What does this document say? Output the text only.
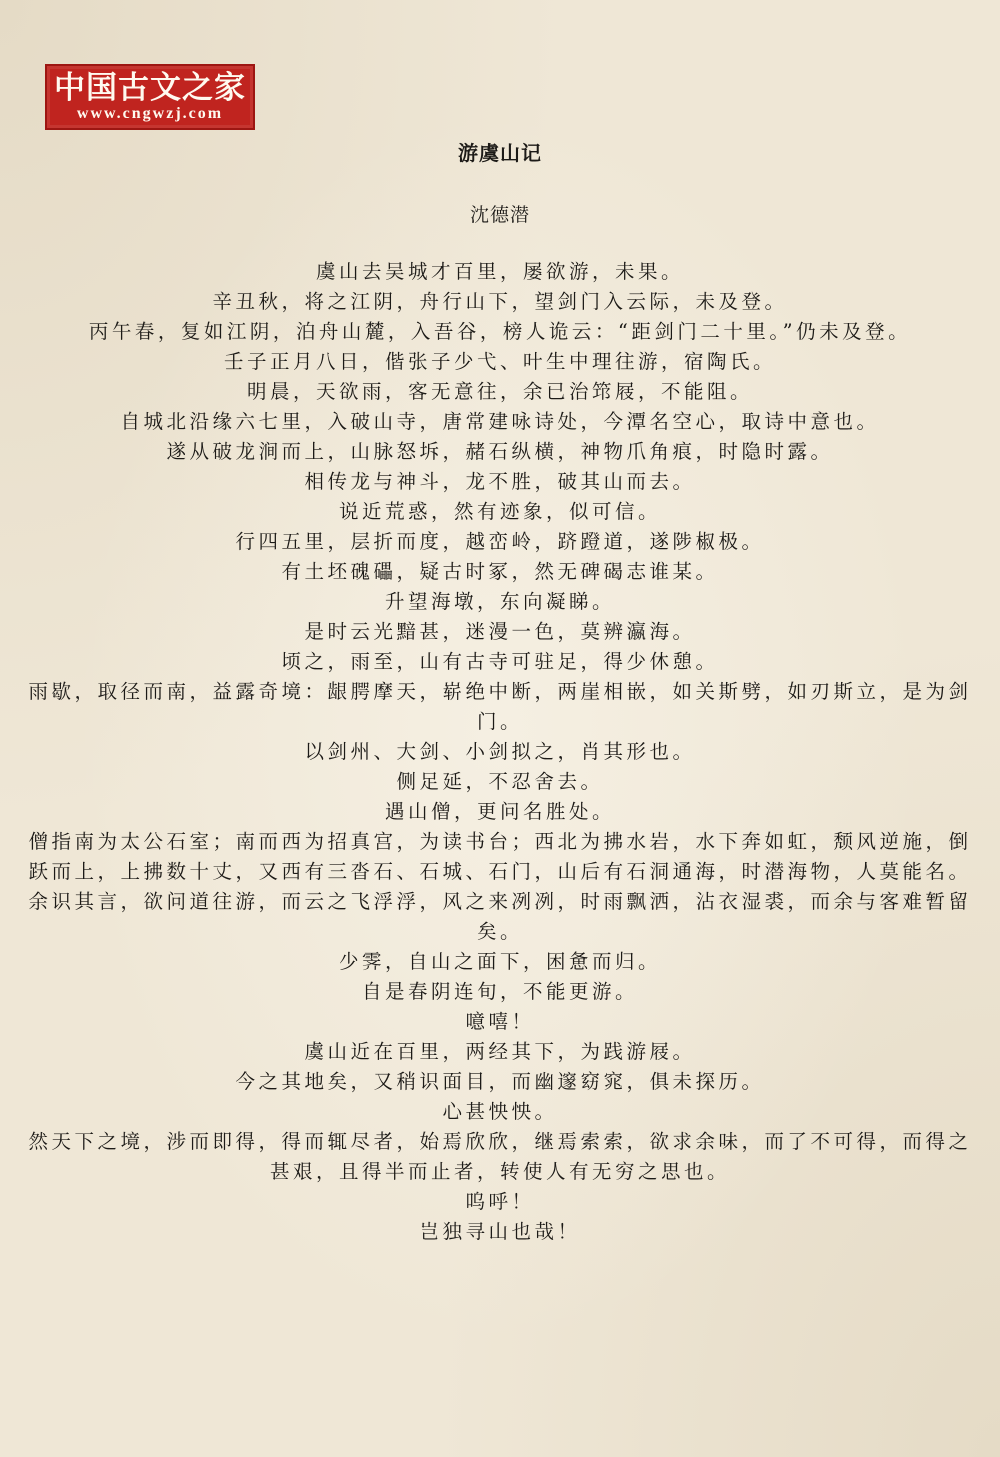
中国古文之家
www.cngwzj.com
游虞山记
沈德潜

虞山去吴城才百里，屡欲游，未果。

辛丑秋，将之江阴，舟行山下，望剑门入云际，未及登。

丙午春，复如江阴，泊舟山麓，入吾谷，榜人诡云：“距剑门二十里。”仍未及登。

壬子正月八日，偕张子少弋、叶生中理往游，宿陶氏。

明晨，天欲雨，客无意往，余已治筇屐，不能阻。

自城北沿缘六七里，入破山寺，唐常建咏诗处，今潭名空心，取诗中意也。

遂从破龙涧而上，山脉怒坼，赭石纵横，神物爪角痕，时隐时露。

相传龙与神斗，龙不胜，破其山而去。

说近荒惑，然有迹象，似可信。

行四五里，层折而度，越峦岭，跻蹬道，遂陟椒极。

有土坯磈礧，疑古时冢，然无碑碣志谁某。

升望海墩，东向凝睇。

是时云光黯甚，迷漫一色，莫辨瀛海。

顷之，雨至，山有古寺可驻足，得少休憩。

雨歇，取径而南，益露奇境：龈腭摩天，崭绝中断，两崖相嵌，如关斯劈，如刃斯立，是为剑门。

以剑州、大剑、小剑拟之，肖其形也。

侧足延，不忍舍去。

遇山僧，更问名胜处。

僧指南为太公石室；南而西为招真宫，为读书台；西北为拂水岩，水下奔如虹，颓风逆施，倒跃而上，上拂数十丈，又西有三沓石、石城、石门，山后有石洞通海，时潜海物，人莫能名。

余识其言，欲问道往游，而云之飞浮浮，风之来冽冽，时雨飘洒，沾衣湿裘，而余与客难暂留矣。

少霁，自山之面下，困惫而归。

自是春阴连旬，不能更游。

噫嘻！

虞山近在百里，两经其下，为践游屐。

今之其地矣，又稍识面目，而幽邃窈窕，俱未探历。

心甚怏怏。

然天下之境，涉而即得，得而辄尽者，始焉欣欣，继焉索索，欲求余味，而了不可得，而得之甚艰，且得半而止者，转使人有无穷之思也。

呜呼！

岂独寻山也哉！
